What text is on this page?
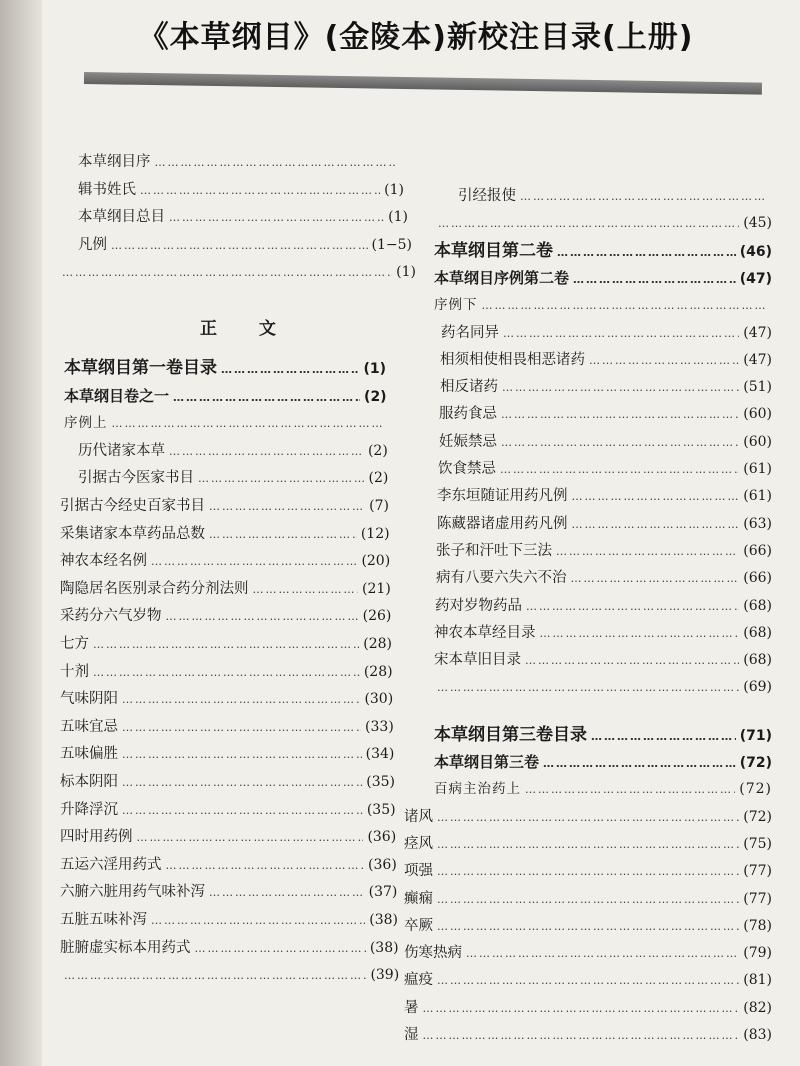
《本草纲目》(金陵本)新校注目录(上册)
本草纲目序
……………………………………………………………………………………………………………………
辑书姓氏 ……………………………………………………………………………………………………………………	(1)
本草纲目总目 ……………………………………………………………………………………………………………………	(1)
凡例 ……………………………………………………………………………………………………………………	(1−5)
……………………………………………………………………………………………………………………
(1)
正 文
本草纲目第一卷目录 ……………………………………………………………………………………………………………………	(1)
本草纲目卷之一 ……………………………………………………………………………………………………………………	(2)
序例上
……………………………………………………………………………………………………………………
历代诸家本草 ……………………………………………………………………………………………………………………	(2)
引据古今医家书目 ……………………………………………………………………………………………………………………	(2)
引据古今经史百家书目 ……………………………………………………………………………………………………………………	(7)
采集诸家本草药品总数 ……………………………………………………………………………………………………………………	(12)
神农本经名例 ……………………………………………………………………………………………………………………	(20)
陶隐居名医别录合药分剂法则 ……………………………………………………………………………………………………………………	(21)
采药分六气岁物 ……………………………………………………………………………………………………………………	(26)
七方 ……………………………………………………………………………………………………………………	(28)
十剂 ……………………………………………………………………………………………………………………	(28)
气味阴阳 ……………………………………………………………………………………………………………………	(30)
五味宜忌 ……………………………………………………………………………………………………………………	(33)
五味偏胜 ……………………………………………………………………………………………………………………	(34)
标本阴阳 ……………………………………………………………………………………………………………………	(35)
升降浮沉 ……………………………………………………………………………………………………………………	(35)
四时用药例 ……………………………………………………………………………………………………………………	(36)
五运六淫用药式 ……………………………………………………………………………………………………………………	(36)
六腑六脏用药气味补泻 ……………………………………………………………………………………………………………………	(37)
五脏五味补泻 ……………………………………………………………………………………………………………………	(38)
脏腑虚实标本用药式 ……………………………………………………………………………………………………………………	(38)
……………………………………………………………………………………………………………………
(39)
引经报使
……………………………………………………………………………………………………………………
……………………………………………………………………………………………………………………
(45)
本草纲目第二卷 ……………………………………………………………………………………………………………………	(46)
本草纲目序例第二卷 ……………………………………………………………………………………………………………………	(47)
序例下
……………………………………………………………………………………………………………………
药名同异 ……………………………………………………………………………………………………………………	(47)
相须相使相畏相恶诸药 ……………………………………………………………………………………………………………………	(47)
相反诸药 ……………………………………………………………………………………………………………………	(51)
服药食忌 ……………………………………………………………………………………………………………………	(60)
妊娠禁忌 ……………………………………………………………………………………………………………………	(60)
饮食禁忌 ……………………………………………………………………………………………………………………	(61)
李东垣随证用药凡例 ……………………………………………………………………………………………………………………	(61)
陈藏器诸虚用药凡例 ……………………………………………………………………………………………………………………	(63)
张子和汗吐下三法 ……………………………………………………………………………………………………………………	(66)
病有八要六失六不治 ……………………………………………………………………………………………………………………	(66)
药对岁物药品 ……………………………………………………………………………………………………………………	(68)
神农本草经目录 ……………………………………………………………………………………………………………………	(68)
宋本草旧目录 ……………………………………………………………………………………………………………………	(68)
……………………………………………………………………………………………………………………
(69)
本草纲目第三卷目录 ……………………………………………………………………………………………………………………	(71)
本草纲目第三卷 ……………………………………………………………………………………………………………………	(72)
百病主治药上 ……………………………………………………………………………………………………………………	(72)
诸风 ……………………………………………………………………………………………………………………	(72)
痉风 ……………………………………………………………………………………………………………………	(75)
项强 ……………………………………………………………………………………………………………………	(77)
癫痫 ……………………………………………………………………………………………………………………	(77)
卒厥 ……………………………………………………………………………………………………………………	(78)
伤寒热病 ……………………………………………………………………………………………………………………	(79)
瘟疫 ……………………………………………………………………………………………………………………	(81)
暑 ……………………………………………………………………………………………………………………	(82)
湿 ……………………………………………………………………………………………………………………	(83)
